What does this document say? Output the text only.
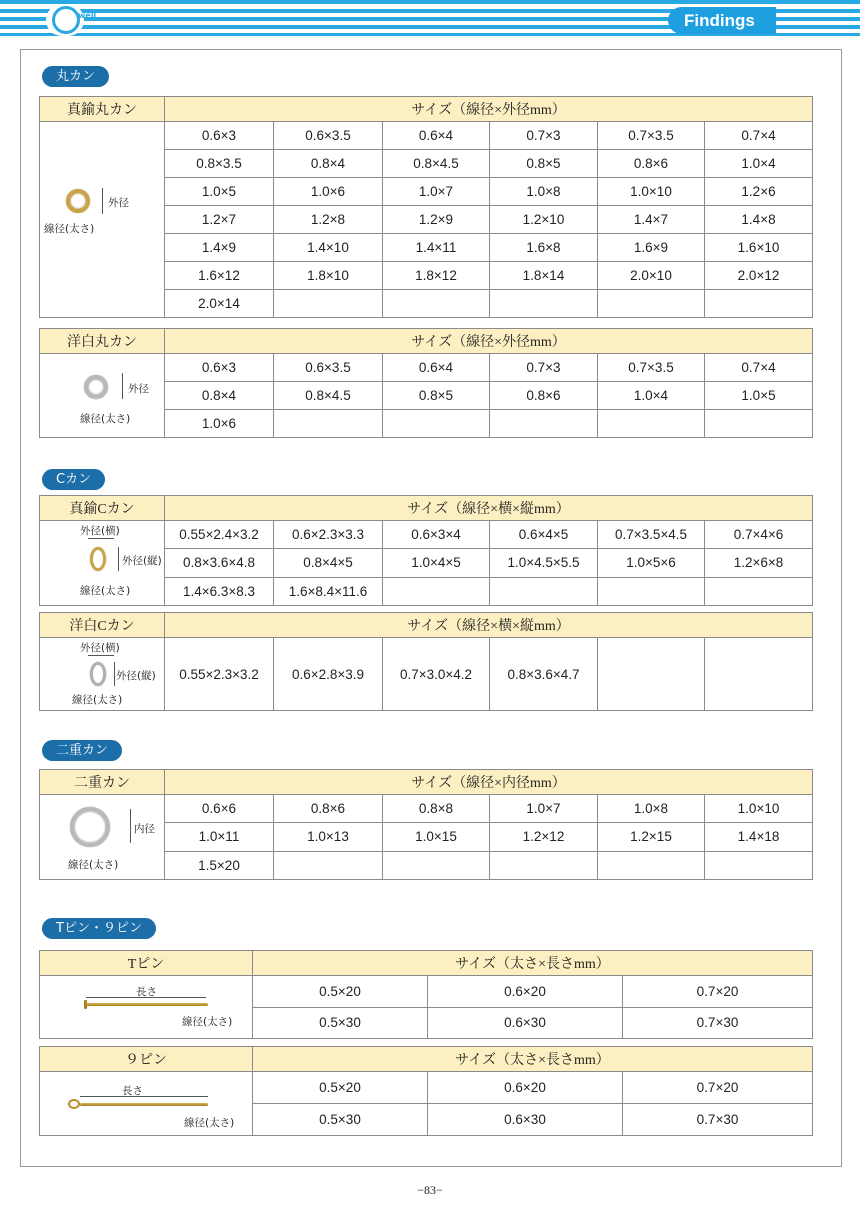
well	Findings
丸カン
真鍮丸カン	サイズ（線径×外径mm）					

外径
線径(太さ)	0.6×3	0.6×3.5	0.6×4	0.7×3	0.7×3.5	0.7×4
	0.8×3.5	0.8×4	0.8×4.5	0.8×5	0.8×6	1.0×4
	1.0×5	1.0×6	1.0×7	1.0×8	1.0×10	1.2×6
	1.2×7	1.2×8	1.2×9	1.2×10	1.4×7	1.4×8
	1.4×9	1.4×10	1.4×11	1.6×8	1.6×9	1.6×10
	1.6×12	1.8×10	1.8×12	1.8×14	2.0×10	2.0×12
	2.0×14					
洋白丸カン	サイズ（線径×外径mm）					

外径
線径(太さ)	0.6×3	0.6×3.5	0.6×4	0.7×3	0.7×3.5	0.7×4
	0.8×4	0.8×4.5	0.8×5	0.8×6	1.0×4	1.0×5
	1.0×6					
Cカン
真鍮Cカン	サイズ（線径×横×縦mm）					

外径(横)
外径(縦)
線径(太さ)	0.55×2.4×3.2	0.6×2.3×3.3	0.6×3×4	0.6×4×5	0.7×3.5×4.5	0.7×4×6
	0.8×3.6×4.8	0.8×4×5	1.0×4×5	1.0×4.5×5.5	1.0×5×6	1.2×6×8
	1.4×6.3×8.3	1.6×8.4×11.6				
洋白Cカン	サイズ（線径×横×縦mm）					

外径(横)
外径(縦)
線径(太さ)	0.55×2.3×3.2	0.6×2.8×3.9	0.7×3.0×4.2	0.8×3.6×4.7		
二重カン
二重カン	サイズ（線径×内径mm）					

内径
線径(太さ)	0.6×6	0.8×6	0.8×8	1.0×7	1.0×8	1.0×10
	1.0×11	1.0×13	1.0×15	1.2×12	1.2×15	1.4×18
	1.5×20					
Tピン・９ピン
Tピン	サイズ（太さ×長さmm）		

長さ
線径(太さ)	0.5×20	0.6×20	0.7×20
	0.5×30	0.6×30	0.7×30
９ピン	サイズ（太さ×長さmm）		

長さ
線径(太さ)	0.5×20	0.6×20	0.7×20
	0.5×30	0.6×30	0.7×30
−83−
